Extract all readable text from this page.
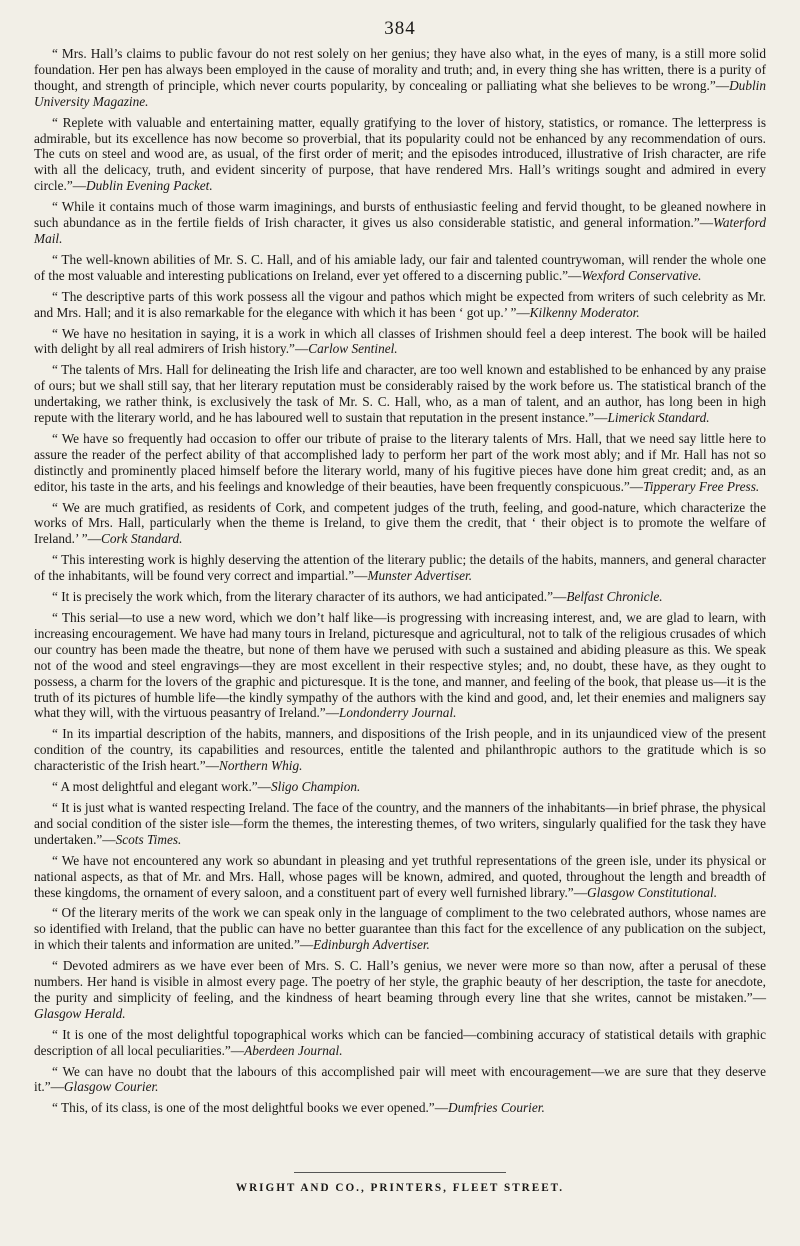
384

“ Mrs. Hall’s claims to public favour do not rest solely on her genius; they have also what, in the eyes of many, is a still more solid foundation. Her pen has always been employed in the cause of morality and truth; and, in every thing she has written, there is a purity of thought, and strength of principle, which never courts popularity, by concealing or palliating what she believes to be wrong.”—Dublin University Magazine.

“ Replete with valuable and entertaining matter, equally gratifying to the lover of history, statistics, or romance. The letterpress is admirable, but its excellence has now become so proverbial, that its popularity could not be enhanced by any recommendation of ours. The cuts on steel and wood are, as usual, of the first order of merit; and the episodes introduced, illustrative of Irish character, are rife with all the delicacy, truth, and evident sincerity of purpose, that have rendered Mrs. Hall’s writings sought and admired in every circle.”—Dublin Evening Packet.

“ While it contains much of those warm imaginings, and bursts of enthusiastic feeling and fervid thought, to be gleaned nowhere in such abundance as in the fertile fields of Irish character, it gives us also considerable statistic, and general information.”—Waterford Mail.

“ The well-known abilities of Mr. S. C. Hall, and of his amiable lady, our fair and talented countrywoman, will render the whole one of the most valuable and interesting publications on Ireland, ever yet offered to a discerning public.”—Wexford Conservative.

“ The descriptive parts of this work possess all the vigour and pathos which might be expected from writers of such celebrity as Mr. and Mrs. Hall; and it is also remarkable for the elegance with which it has been ‘ got up.’ ”—Kilkenny Moderator.

“ We have no hesitation in saying, it is a work in which all classes of Irishmen should feel a deep interest. The book will be hailed with delight by all real admirers of Irish history.”—Carlow Sentinel.

“ The talents of Mrs. Hall for delineating the Irish life and character, are too well known and established to be enhanced by any praise of ours; but we shall still say, that her literary reputation must be considerably raised by the work before us. The statistical branch of the undertaking, we rather think, is exclusively the task of Mr. S. C. Hall, who, as a man of talent, and an author, has long been in high repute with the literary world, and he has laboured well to sustain that reputation in the present instance.”—Limerick Standard.

“ We have so frequently had occasion to offer our tribute of praise to the literary talents of Mrs. Hall, that we need say little here to assure the reader of the perfect ability of that accomplished lady to perform her part of the work most ably; and if Mr. Hall has not so distinctly and prominently placed himself before the literary world, many of his fugitive pieces have done him great credit; and, as an editor, his taste in the arts, and his feelings and knowledge of their beauties, have been frequently conspicuous.”—Tipperary Free Press.

“ We are much gratified, as residents of Cork, and competent judges of the truth, feeling, and good-nature, which characterize the works of Mrs. Hall, particularly when the theme is Ireland, to give them the credit, that ‘ their object is to promote the welfare of Ireland.’ ”—Cork Standard.

“ This interesting work is highly deserving the attention of the literary public; the details of the habits, manners, and general character of the inhabitants, will be found very correct and impartial.”—Munster Advertiser.

“ It is precisely the work which, from the literary character of its authors, we had anticipated.”—Belfast Chronicle.

“ This serial—to use a new word, which we don’t half like—is progressing with increasing interest, and, we are glad to learn, with increasing encouragement. We have had many tours in Ireland, picturesque and agricultural, not to talk of the religious crusades of which our country has been made the theatre, but none of them have we perused with such a sustained and abiding pleasure as this. We speak not of the wood and steel engravings—they are most excellent in their respective styles; and, no doubt, these have, as they ought to possess, a charm for the lovers of the graphic and picturesque. It is the tone, and manner, and feeling of the book, that please us—it is the truth of its pictures of humble life—the kindly sympathy of the authors with the kind and good, and, let their enemies and maligners say what they will, with the virtuous peasantry of Ireland.”—Londonderry Journal.

“ In its impartial description of the habits, manners, and dispositions of the Irish people, and in its unjaundiced view of the present condition of the country, its capabilities and resources, entitle the talented and philanthropic authors to the gratitude which is so characteristic of the Irish heart.”—Northern Whig.

“ A most delightful and elegant work.”—Sligo Champion.

“ It is just what is wanted respecting Ireland. The face of the country, and the manners of the inhabitants—in brief phrase, the physical and social condition of the sister isle—form the themes, the interesting themes, of two writers, singularly qualified for the task they have undertaken.”—Scots Times.

“ We have not encountered any work so abundant in pleasing and yet truthful representations of the green isle, under its physical or national aspects, as that of Mr. and Mrs. Hall, whose pages will be known, admired, and quoted, throughout the length and breadth of these kingdoms, the ornament of every saloon, and a constituent part of every well furnished library.”—Glasgow Constitutional.

“ Of the literary merits of the work we can speak only in the language of compliment to the two celebrated authors, whose names are so identified with Ireland, that the public can have no better guarantee than this fact for the excellence of any publication on the subject, in which their talents and information are united.”—Edinburgh Advertiser.

“ Devoted admirers as we have ever been of Mrs. S. C. Hall’s genius, we never were more so than now, after a perusal of these numbers. Her hand is visible in almost every page. The poetry of her style, the graphic beauty of her description, the taste for anecdote, the purity and simplicity of feeling, and the kindness of heart beaming through every line that she writes, cannot be mistaken.”—Glasgow Herald.

“ It is one of the most delightful topographical works which can be fancied—combining accuracy of statistical details with graphic description of all local peculiarities.”—Aberdeen Journal.

“ We can have no doubt that the labours of this accomplished pair will meet with encouragement—we are sure that they deserve it.”—Glasgow Courier.

“ This, of its class, is one of the most delightful books we ever opened.”—Dumfries Courier.

WRIGHT AND CO., PRINTERS, FLEET STREET.
